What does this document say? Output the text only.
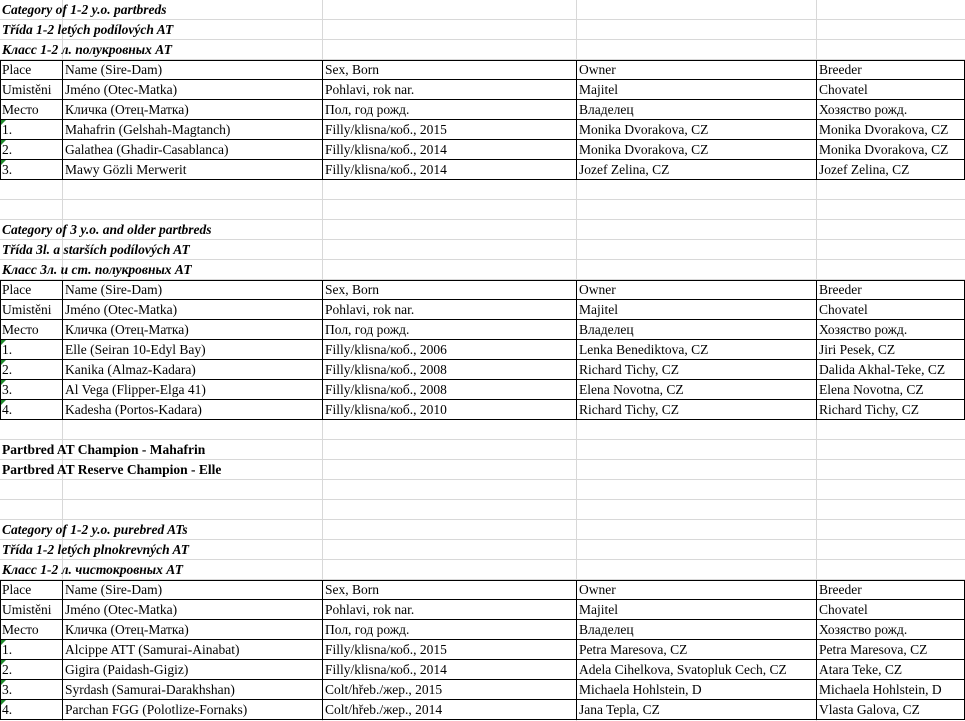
Category of 1-2 y.o. partbreds
Třída 1-2 letých podílových AT
Класс 1-2 л. полукровных АТ
Place	Name (Sire-Dam)	Sex, Born	Owner	Breeder
Umistěni	Jméno (Otec-Matka)	Pohlavi, rok nar.	Majitel	Chovatel
Место	Кличка (Отец-Матка)	Пол, год рожд.	Владелец	Хозяство рожд.
1.	Mahafrin (Gelshah-Magtanch)	Filly/klisna/коб., 2015	Monika Dvorakova, CZ	Monika Dvorakova, CZ
2.	Galathea (Ghadir-Casablanca)	Filly/klisna/коб., 2014	Monika Dvorakova, CZ	Monika Dvorakova, CZ
3.	Mawy Gözli Merwerit	Filly/klisna/коб., 2014	Jozef Zelina, CZ	Jozef Zelina, CZ
Category of 3 y.o. and older partbreds
Třída 3l. a starších podílových AT
Класс 3л. и ст. полукровных АТ
Place	Name (Sire-Dam)	Sex, Born	Owner	Breeder
Umistěni	Jméno (Otec-Matka)	Pohlavi, rok nar.	Majitel	Chovatel
Место	Кличка (Отец-Матка)	Пол, год рожд.	Владелец	Хозяство рожд.
1.	Elle (Seiran 10-Edyl Bay)	Filly/klisna/коб., 2006	Lenka Benediktova, CZ	Jiri Pesek, CZ
2.	Kanika (Almaz-Kadara)	Filly/klisna/коб., 2008	Richard Tichy, CZ	Dalida Akhal-Teke, CZ
3.	Al Vega (Flipper-Elga 41)	Filly/klisna/коб., 2008	Elena Novotna, CZ	Elena Novotna, CZ
4.	Kadesha (Portos-Kadara)	Filly/klisna/коб., 2010	Richard Tichy, CZ	Richard Tichy, CZ
Partbred AT Champion - Mahafrin
Partbred AT Reserve Champion - Elle
Category of 1-2 y.o. purebred ATs
Třída 1-2 letých plnokrevných AT
Класс 1-2 л. чистокровных АТ
Place	Name (Sire-Dam)	Sex, Born	Owner	Breeder
Umistěni	Jméno (Otec-Matka)	Pohlavi, rok nar.	Majitel	Chovatel
Место	Кличка (Отец-Матка)	Пол, год рожд.	Владелец	Хозяство рожд.
1.	Alcippe ATT (Samurai-Ainabat)	Filly/klisna/коб., 2015	Petra Maresova, CZ	Petra Maresova, CZ
2.	Gigira (Paidash-Gigiz)	Filly/klisna/коб., 2014	Adela Cihelkova, Svatopluk Cech, CZ	Atara Teke, CZ
3.	Syrdash (Samurai-Darakhshan)	Colt/hřeb./жер., 2015	Michaela Hohlstein, D	Michaela Hohlstein, D
4.	Parchan FGG (Polotlize-Fornaks)	Colt/hřeb./жер., 2014	Jana Tepla, CZ	Vlasta Galova, CZ
